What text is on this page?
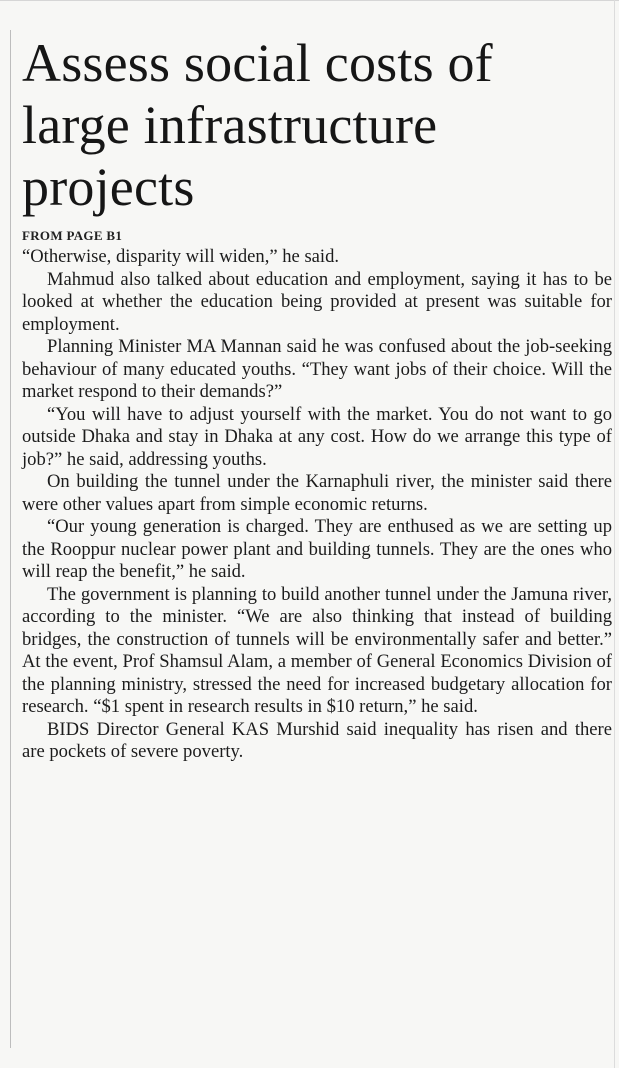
Assess social costs of large infrastructure projects
FROM PAGE B1

“Otherwise, disparity will widen,” he said.

Mahmud also talked about education and employment, saying it has to be looked at whether the education being provided at present was suitable for employment.

Planning Minister MA Mannan said he was confused about the job-seeking behaviour of many educated youths. “They want jobs of their choice. Will the market respond to their demands?”

“You will have to adjust yourself with the market. You do not want to go outside Dhaka and stay in Dhaka at any cost. How do we arrange this type of job?” he said, addressing youths.

On building the tunnel under the Karnaphuli river, the minister said there were other values apart from simple economic returns.

“Our young generation is charged. They are enthused as we are setting up the Rooppur nuclear power plant and building tunnels. They are the ones who will reap the benefit,” he said.

The government is planning to build another tunnel under the Jamuna river, according to the minister. “We are also thinking that instead of building bridges, the construction of tunnels will be environmentally safer and better.” At the event, Prof Shamsul Alam, a member of General Economics Division of the planning ministry, stressed the need for increased budgetary allocation for research. “$1 spent in research results in $10 return,” he said.

BIDS Director General KAS Murshid said inequality has risen and there are pockets of severe poverty.
